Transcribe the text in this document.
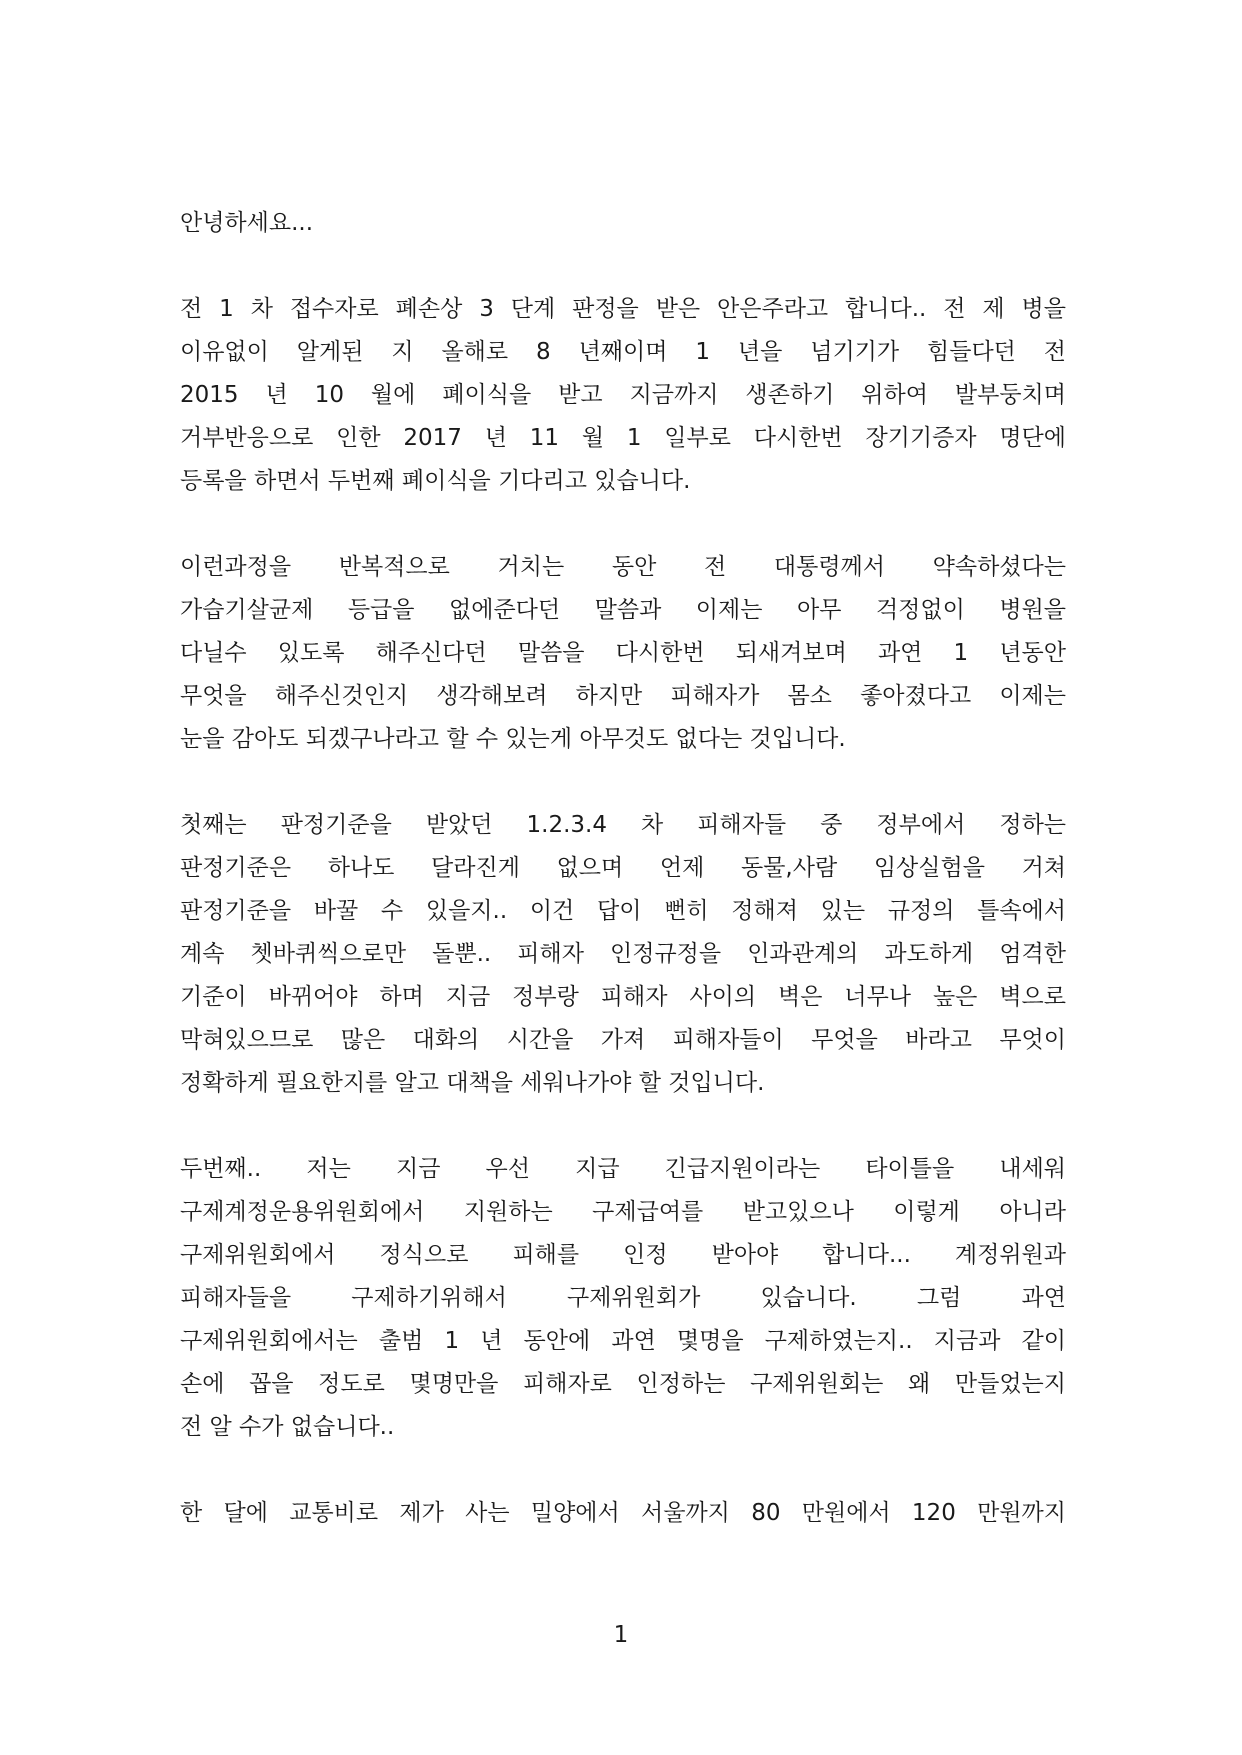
안녕하세요...
전 1 차 접수자로 폐손상 3 단계 판정을 받은 안은주라고 합니다.. 전 제 병을
이유없이 알게된 지 올해로 8 년째이며 1 년을 넘기기가 힘들다던 전
2015 년 10 월에 폐이식을 받고 지금까지 생존하기 위하여 발부둥치며
거부반응으로 인한 2017 년 11 월 1 일부로 다시한번 장기기증자 명단에
등록을 하면서 두번째 폐이식을 기다리고 있습니다.
이런과정을 반복적으로 거치는 동안 전 대통령께서 약속하셨다는
가습기살균제 등급을 없에준다던 말씀과 이제는 아무 걱정없이 병원을
다닐수 있도록 해주신다던 말씀을 다시한번 되새겨보며 과연 1 년동안
무엇을 해주신것인지 생각해보려 하지만 피해자가 몸소 좋아졌다고 이제는
눈을 감아도 되겠구나라고 할 수 있는게 아무것도 없다는 것입니다.
첫째는 판정기준을 받았던 1.2.3.4 차 피해자들 중 정부에서 정하는
판정기준은 하나도 달라진게 없으며 언제 동물,사람 임상실험을 거쳐
판정기준을 바꿀 수 있을지.. 이건 답이 뻔히 정해져 있는 규정의 틀속에서
계속 쳇바퀴씩으로만 돌뿐.. 피해자 인정규정을 인과관계의 과도하게 엄격한
기준이 바뀌어야 하며 지금 정부랑 피해자 사이의 벽은 너무나 높은 벽으로
막혀있으므로 많은 대화의 시간을 가져 피해자들이 무엇을 바라고 무엇이
정확하게 필요한지를 알고 대책을 세워나가야 할 것입니다.
두번째.. 저는 지금 우선 지급 긴급지원이라는 타이틀을 내세워
구제계정운용위원회에서 지원하는 구제급여를 받고있으나 이렇게 아니라
구제위원회에서 정식으로 피해를 인정 받아야 합니다... 계정위원과
피해자들을 구제하기위해서 구제위원회가 있습니다. 그럼 과연
구제위원회에서는 출범 1 년 동안에 과연 몇명을 구제하였는지.. 지금과 같이
손에 꼽을 정도로 몇명만을 피해자로 인정하는 구제위원회는 왜 만들었는지
전 알 수가 없습니다..
한 달에 교통비로 제가 사는 밀양에서 서울까지 80 만원에서 120 만원까지
1
